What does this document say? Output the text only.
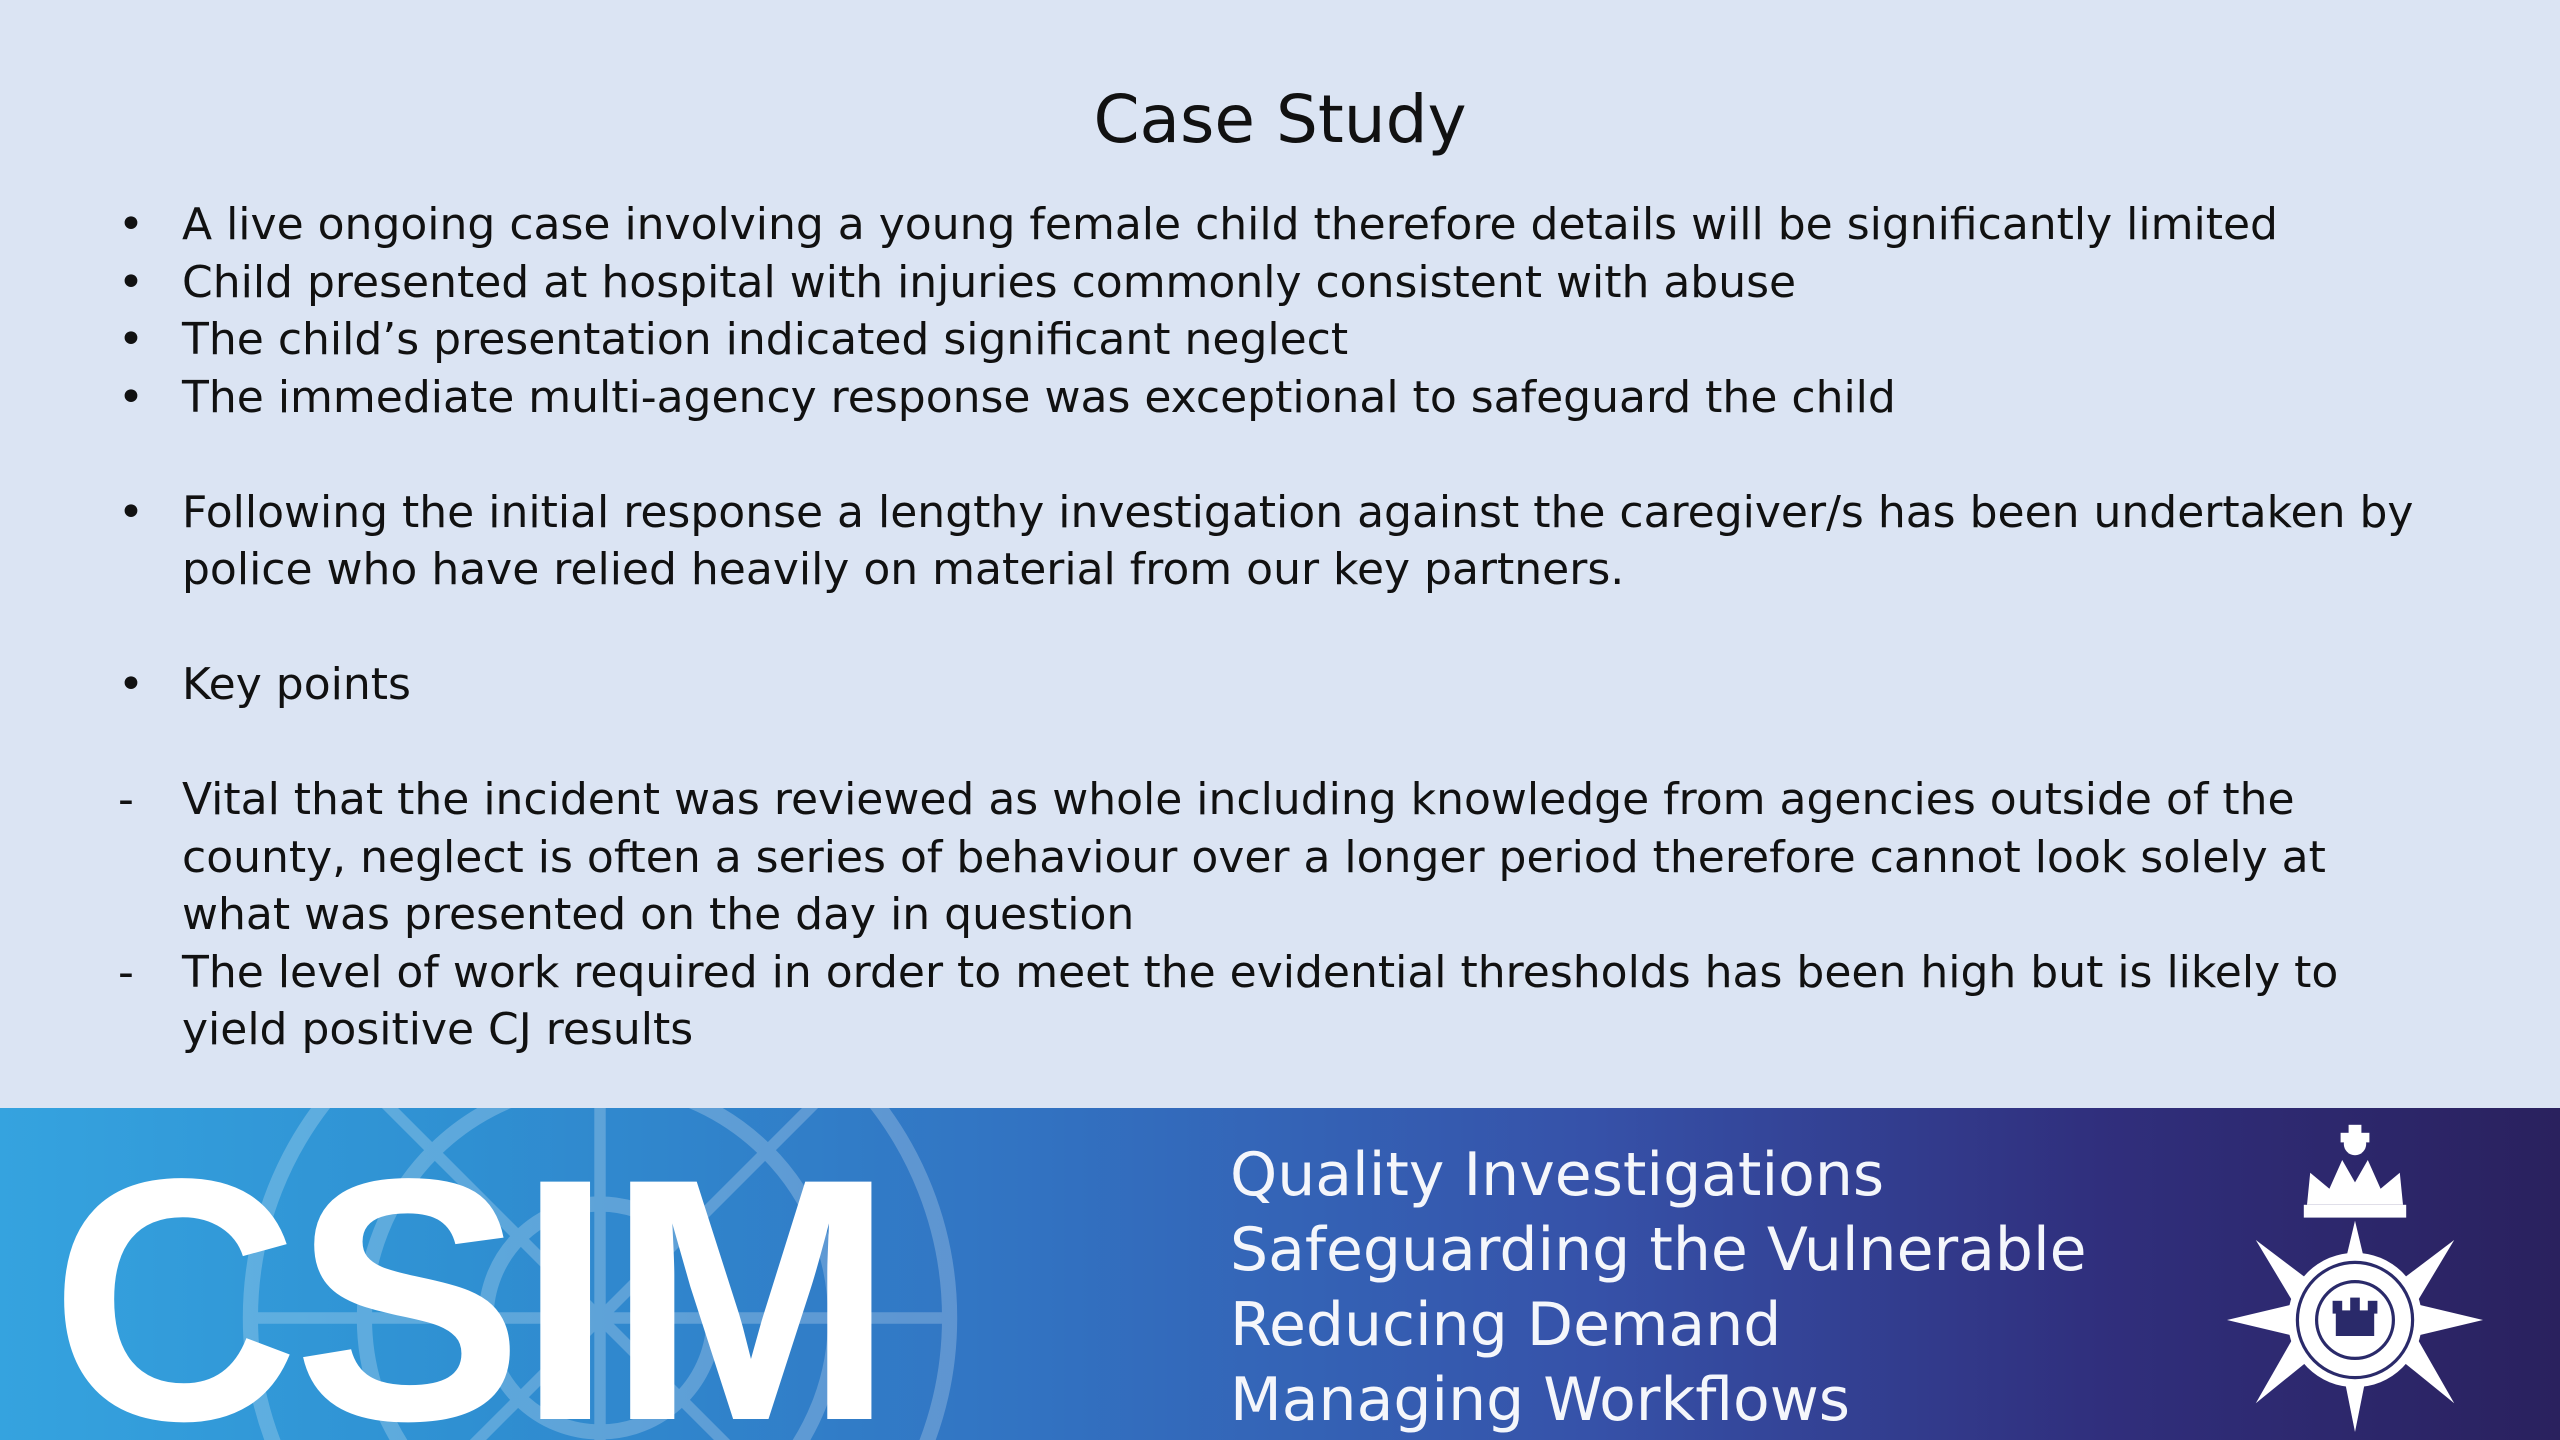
Case Study
• A live ongoing case involving a young female child therefore details will be significantly limited
• Child presented at hospital with injuries commonly consistent with abuse
• The child’s presentation indicated significant neglect
• The immediate multi-agency response was exceptional to safeguard the child
• Following the initial response a lengthy investigation against the caregiver/s has been undertaken by police who have relied heavily on material from our key partners.
• Key points
-	Vital that the incident was reviewed as whole including knowledge from agencies outside of the county, neglect is often a series of behaviour over a longer period therefore cannot look solely at what was presented on the day in question
-	The level of work required in order to meet the evidential thresholds has been high but is likely to yield positive CJ results
CSIM	Quality Investigations
Safeguarding the Vulnerable
Reducing Demand
Managing Workflows
